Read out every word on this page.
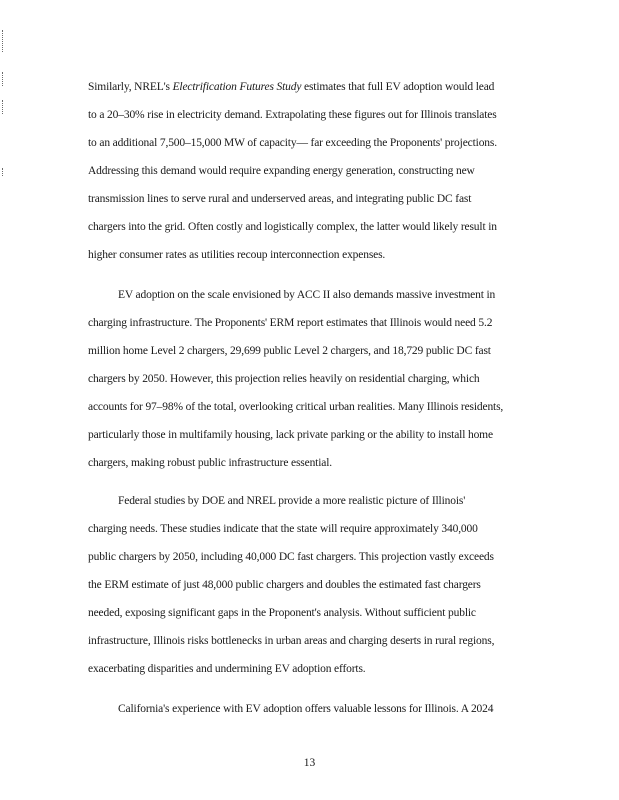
Similarly, NREL's Electrification Futures Study estimates that full EV adoption would lead
to a 20–30% rise in electricity demand. Extrapolating these figures out for Illinois translates
to an additional 7,500–15,000 MW of capacity— far exceeding the Proponents' projections.
Addressing this demand would require expanding energy generation, constructing new
transmission lines to serve rural and underserved areas, and integrating public DC fast
chargers into the grid. Often costly and logistically complex, the latter would likely result in
higher consumer rates as utilities recoup interconnection expenses.
EV adoption on the scale envisioned by ACC II also demands massive investment in
charging infrastructure. The Proponents' ERM report estimates that Illinois would need 5.2
million home Level 2 chargers, 29,699 public Level 2 chargers, and 18,729 public DC fast
chargers by 2050. However, this projection relies heavily on residential charging, which
accounts for 97–98% of the total, overlooking critical urban realities. Many Illinois residents,
particularly those in multifamily housing, lack private parking or the ability to install home
chargers, making robust public infrastructure essential.
Federal studies by DOE and NREL provide a more realistic picture of Illinois'
charging needs. These studies indicate that the state will require approximately 340,000
public chargers by 2050, including 40,000 DC fast chargers. This projection vastly exceeds
the ERM estimate of just 48,000 public chargers and doubles the estimated fast chargers
needed, exposing significant gaps in the Proponent's analysis. Without sufficient public
infrastructure, Illinois risks bottlenecks in urban areas and charging deserts in rural regions,
exacerbating disparities and undermining EV adoption efforts.
California's experience with EV adoption offers valuable lessons for Illinois. A 2024
13
